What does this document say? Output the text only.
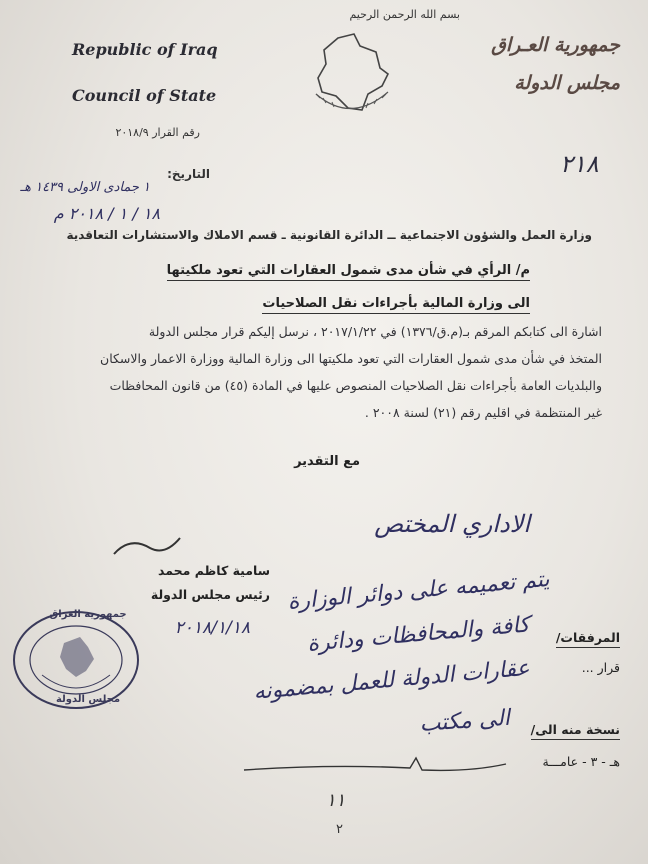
بسم الله الرحمن الرحيم
Republic of Iraq
Council of State
جمهورية العـراق
مجلس الدولة
رقم القرار ٢٠١٨/٩
٢١٨
التاريخ:
١ جمادى الاولى ١٤٣٩ هـ
١٨ / ١ / ٢٠١٨ م
وزارة العمل والشؤون الاجتماعية ــ الدائرة القانونية ـ قسم الاملاك والاستشارات التعاقدية
م/ الرأي في شأن مدى شمول العقارات التي تعود ملكيتها
الى وزارة المالية بأجراءات نقل الصلاحيات
اشارة الى كتابكم المرقم بـ(م.ق/١٣٧٦) في ٢٠١٧/١/٢٢ ، نرسل إليكم قرار مجلس الدولة
المتخذ في شأن مدى شمول العقارات التي تعود ملكيتها الى وزارة المالية ووزارة الاعمار والاسكان
والبلديات العامة بأجراءات نقل الصلاحيات المنصوص عليها في المادة (٤٥) من قانون المحافظات
غير المنتظمة في اقليم رقم (٢١) لسنة ٢٠٠٨ .
مع التقدير
الاداري المختص
سامية كاظم محمد
رئيس مجلس الدولة
٢٠١٨/١/١٨
جمهورية العراق
مجلس الدولة
يتم تعميمه على دوائر الوزارة
كافة والمحافظات ودائرة
عقارات الدولة للعمل بمضمونه
الى مكتب
المرفقات/
قرار ...
نسخة منه الى/
هـ - ٣ - عامـــة
١١
٢
